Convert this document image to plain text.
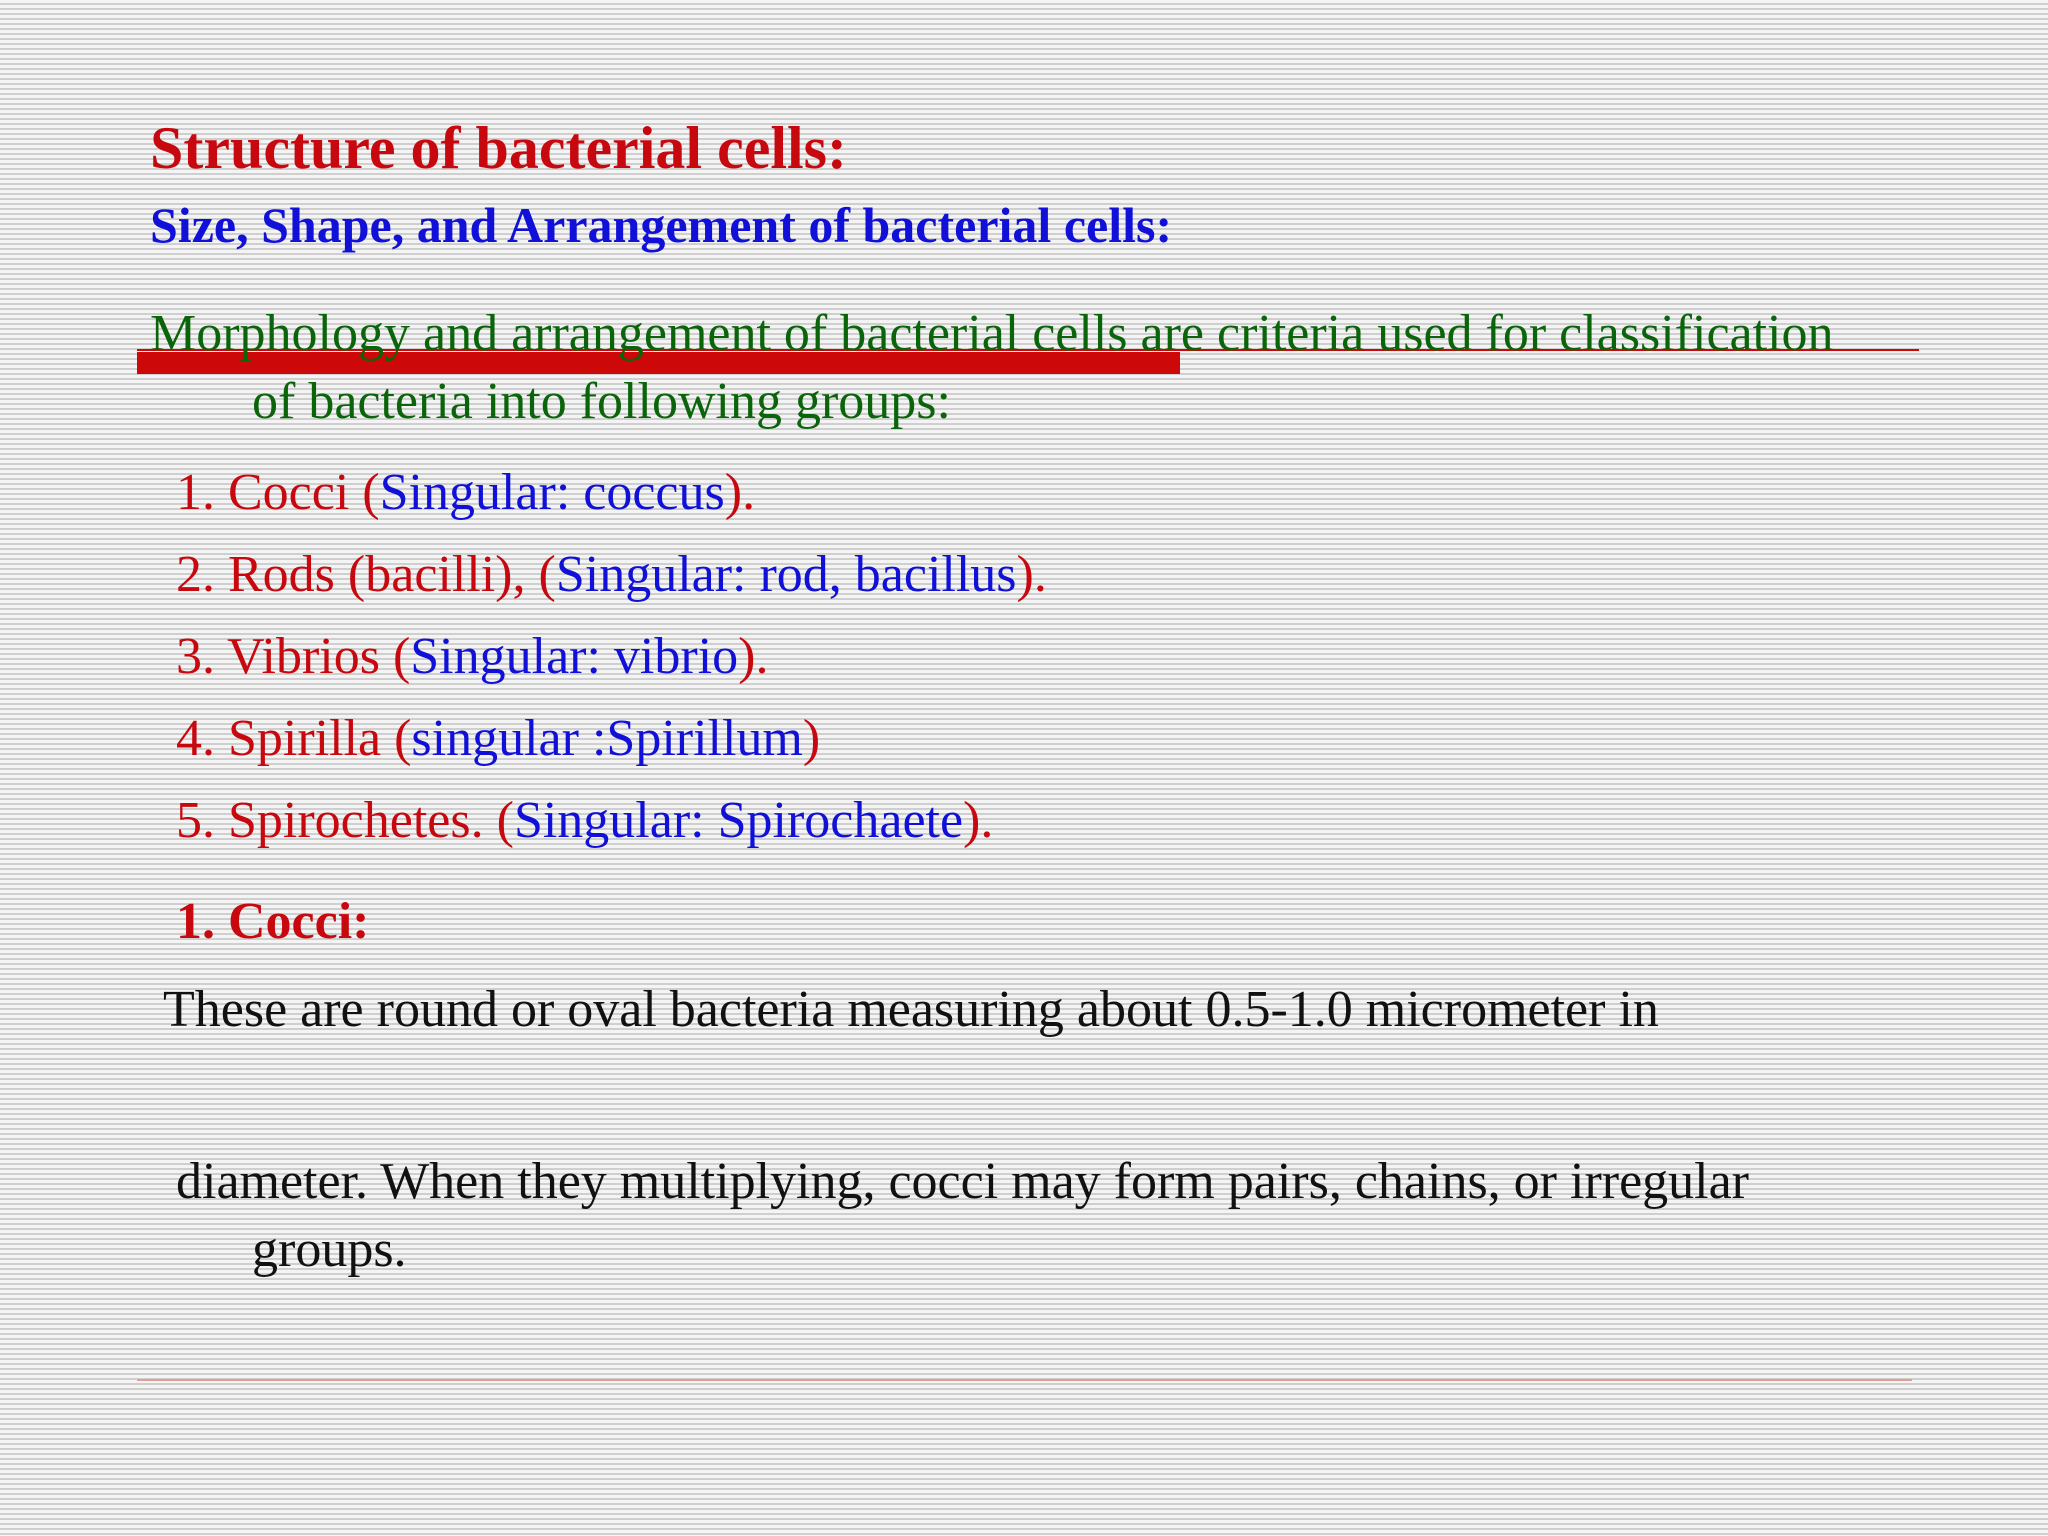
Structure of bacterial cells:
Size, Shape, and Arrangement of bacterial cells:

Morphology and arrangement of bacterial cells are criteria used for classification of bacteria into following groups:

1. Cocci (Singular: coccus).
2. Rods (bacilli), (Singular: rod, bacillus).
3. Vibrios (Singular: vibrio).
4. Spirilla (singular :Spirillum)
5. Spirochetes. (Singular: Spirochaete).
1. Cocci:

These are round or oval bacteria measuring about 0.5-1.0 micrometer in

diameter. When they multiplying, cocci may form pairs, chains, or irregular groups.
